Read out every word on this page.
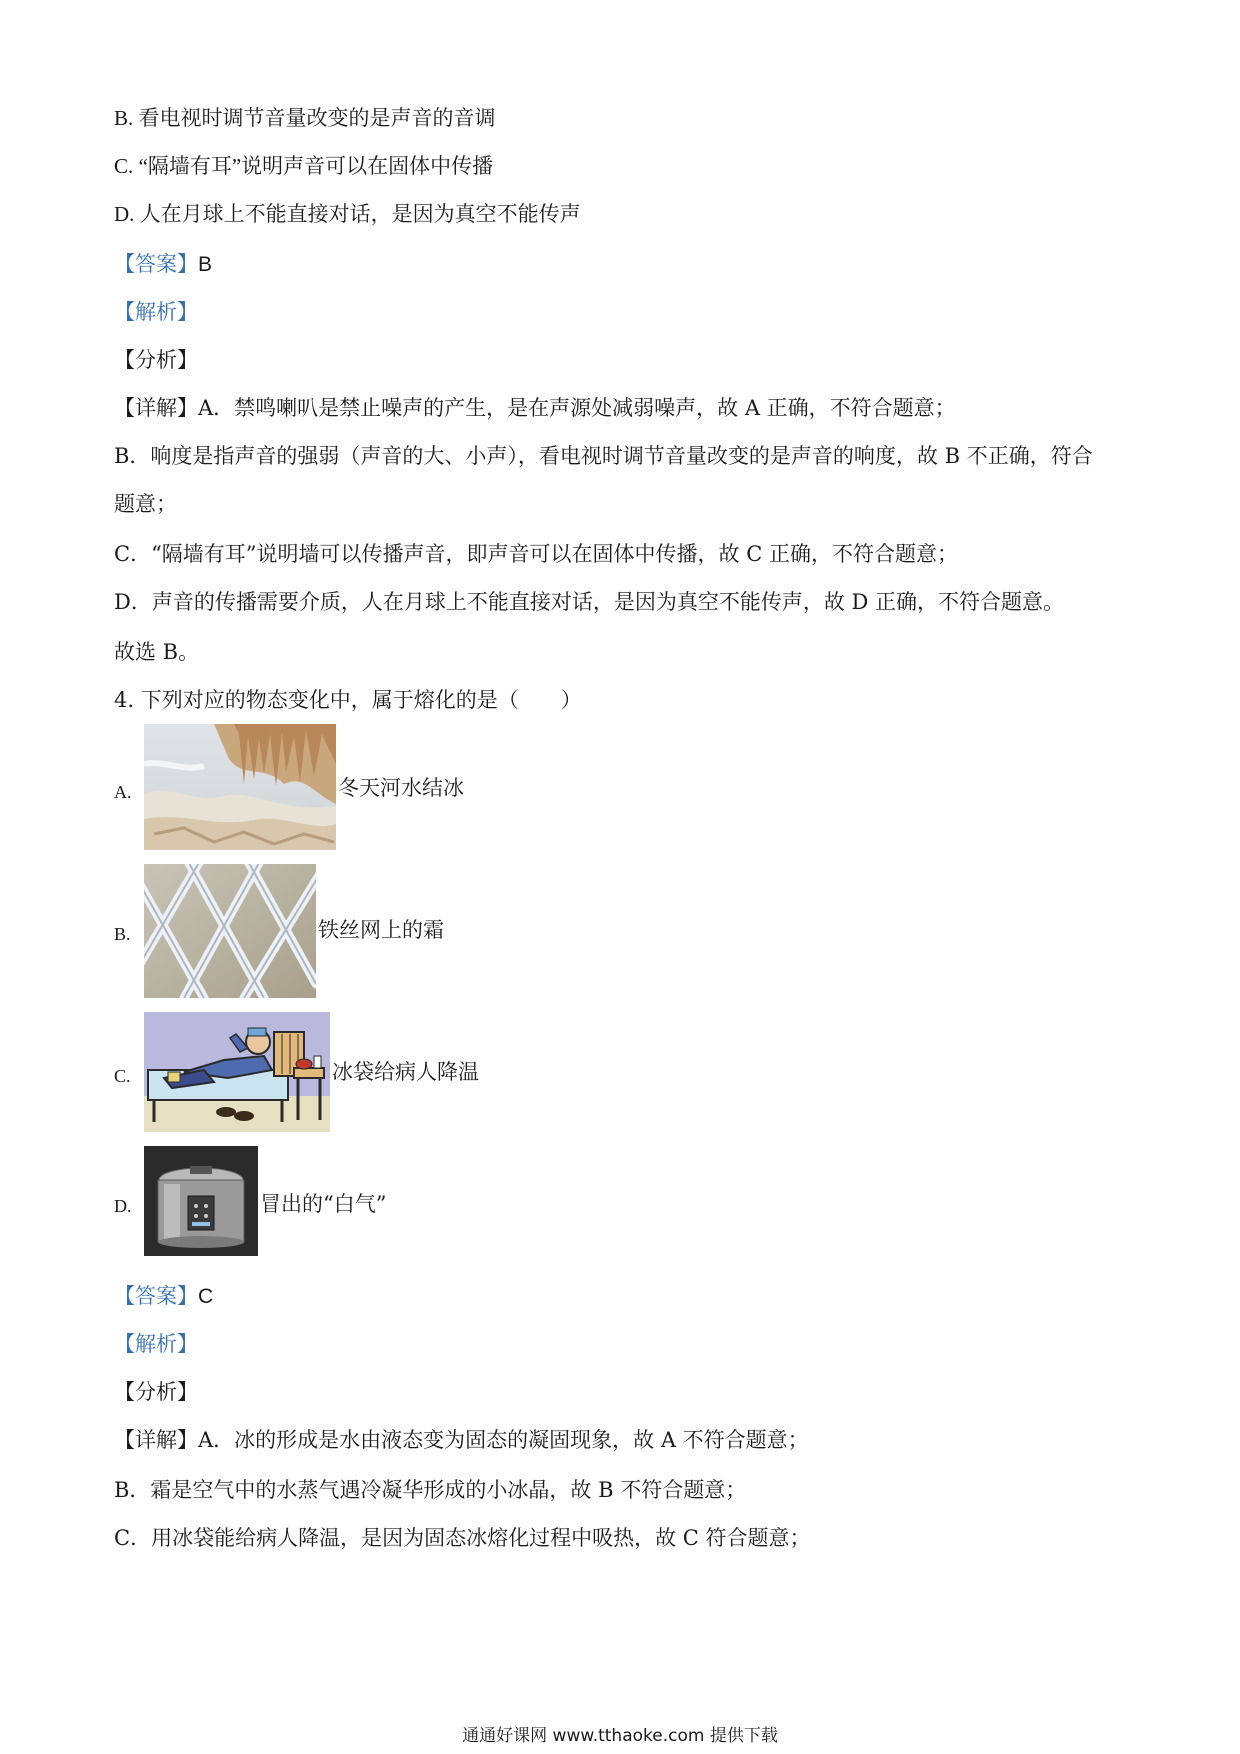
B. 看电视时调节音量改变的是声音的音调
C. “隔墙有耳”说明声音可以在固体中传播
D. 人在月球上不能直接对话，是因为真空不能传声
【答案】B
【解析】
【分析】
【详解】A．禁鸣喇叭是禁止噪声的产生，是在声源处减弱噪声，故 A 正确，不符合题意；
B．响度是指声音的强弱（声音的大、小声），看电视时调节音量改变的是声音的响度，故 B 不正确，符合
题意；
C．“隔墙有耳”说明墙可以传播声音，即声音可以在固体中传播，故 C 正确，不符合题意；
D．声音的传播需要介质，人在月球上不能直接对话，是因为真空不能传声，故 D 正确，不符合题意。
故选 B。
4. 下列对应的物态变化中，属于熔化的是（　　）
A.	冬天河水结冰
B.	铁丝网上的霜
C.	冰袋给病人降温
D.	冒出的“白气”
【答案】C
【解析】
【分析】
【详解】A．冰的形成是水由液态变为固态的凝固现象，故 A 不符合题意；
B．霜是空气中的水蒸气遇冷凝华形成的小冰晶，故 B 不符合题意；
C．用冰袋能给病人降温，是因为固态冰熔化过程中吸热，故 C 符合题意；
通通好课网 www.tthaoke.com 提供下载
